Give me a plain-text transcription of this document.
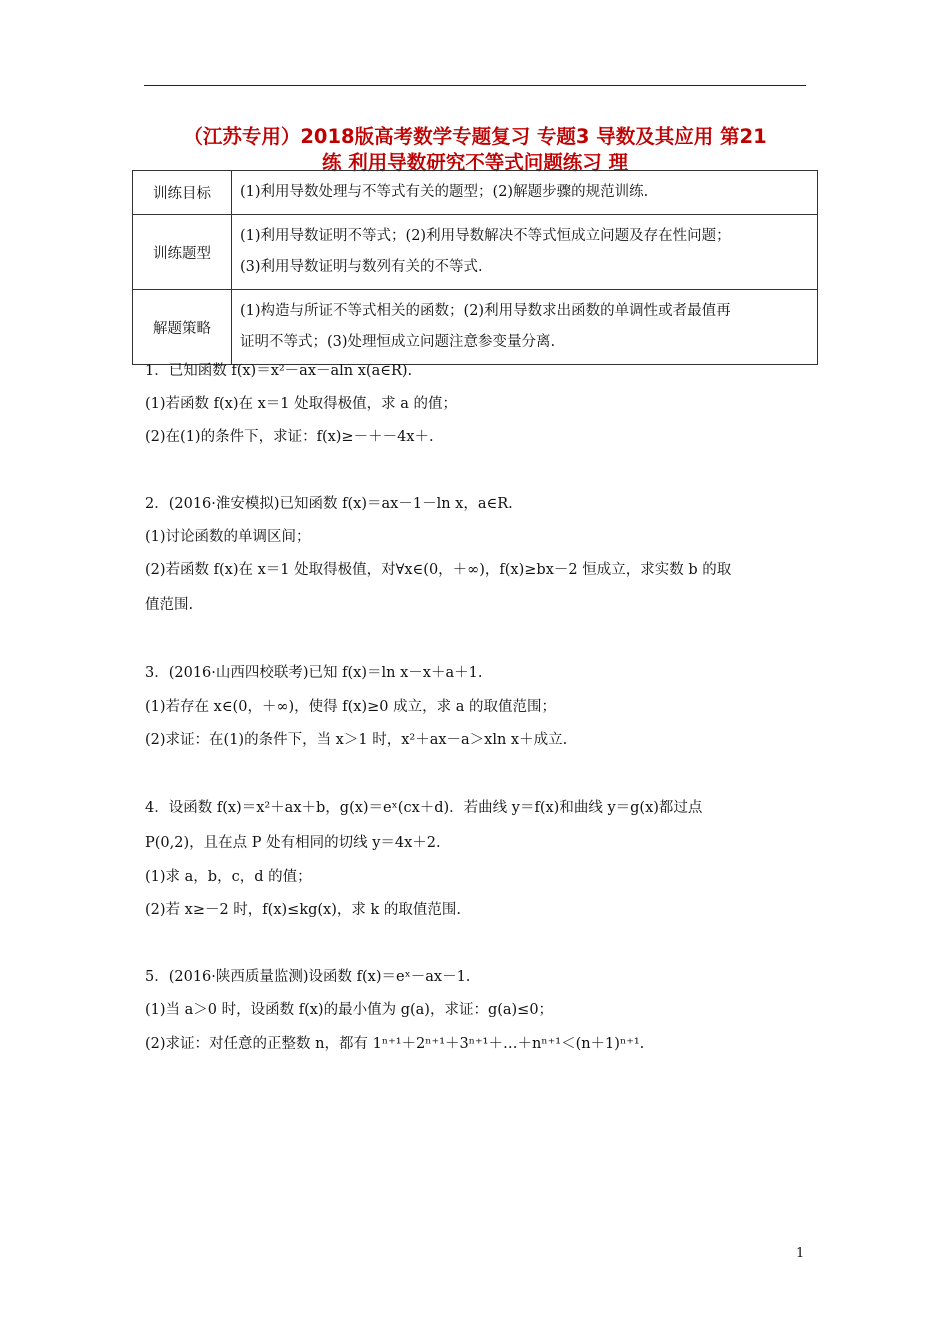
（江苏专用）2018版高考数学专题复习 专题3 导数及其应用 第21
练 利用导数研究不等式问题练习 理
训练目标	(1)利用导数处理与不等式有关的题型；(2)解题步骤的规范训练.

训练题型	(1)利用导数证明不等式；(2)利用导数解决不等式恒成立问题及存在性问题；
(3)利用导数证明与数列有关的不等式.

解题策略	(1)构造与所证不等式相关的函数；(2)利用导数求出函数的单调性或者最值再
证明不等式；(3)处理恒成立问题注意参变量分离.
1．已知函数 f(x)＝x²－ax－aln x(a∈R).
(1)若函数 f(x)在 x＝1 处取得极值，求 a 的值；
(2)在(1)的条件下，求证：f(x)≥－＋－4x＋.
2．(2016·淮安模拟)已知函数 f(x)＝ax－1－ln x，a∈R.
(1)讨论函数的单调区间；
(2)若函数 f(x)在 x＝1 处取得极值，对∀x∈(0，＋∞)，f(x)≥bx－2 恒成立，求实数 b 的取
值范围.
3．(2016·山西四校联考)已知 f(x)＝ln x－x＋a＋1.
(1)若存在 x∈(0，＋∞)，使得 f(x)≥0 成立，求 a 的取值范围；
(2)求证：在(1)的条件下，当 x＞1 时，x²＋ax－a＞xln x＋成立.
4．设函数 f(x)＝x²＋ax＋b，g(x)＝eˣ(cx＋d)．若曲线 y＝f(x)和曲线 y＝g(x)都过点
P(0,2)，且在点 P 处有相同的切线 y＝4x＋2.
(1)求 a，b，c，d 的值；
(2)若 x≥－2 时，f(x)≤kg(x)，求 k 的取值范围.
5．(2016·陕西质量监测)设函数 f(x)＝eˣ－ax－1.
(1)当 a＞0 时，设函数 f(x)的最小值为 g(a)，求证：g(a)≤0；
(2)求证：对任意的正整数 n，都有 1ⁿ⁺¹＋2ⁿ⁺¹＋3ⁿ⁺¹＋…＋nⁿ⁺¹＜(n＋1)ⁿ⁺¹.
1
